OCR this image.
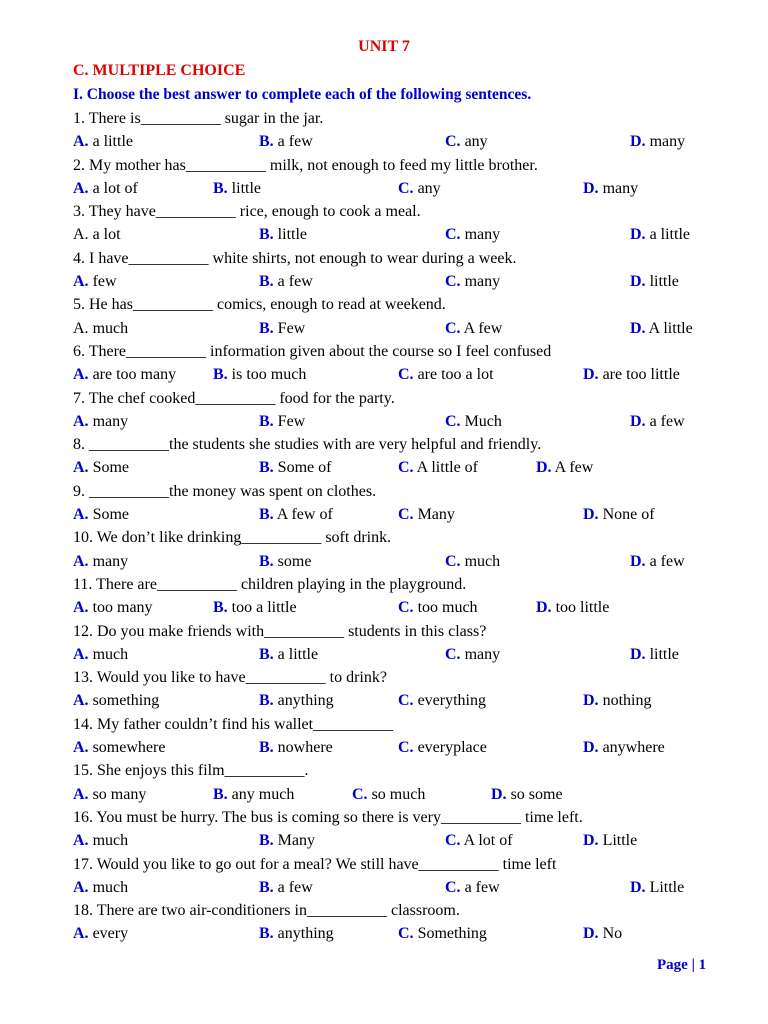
UNIT 7
C. MULTIPLE CHOICE
I. Choose the best answer to complete each of the following sentences.
1. There is__________ sugar in the jar.
A. a little	B. a few	C. any	D. many
2. My mother has__________ milk, not enough to feed my little brother.
A. a lot of	B. little	C. any	D. many
3. They have__________ rice, enough to cook a meal.
A. a lot	B. little	C. many	D. a little
4. I have__________ white shirts, not enough to wear during a week.
A. few	B. a few	C. many	D. little
5. He has__________ comics, enough to read at weekend.
A. much	B. Few	C. A few	D. A little
6. There__________ information given about the course so I feel confused
A. are too many B. is too much	C. are too a lot	D. are too little
7. The chef cooked__________ food for the party.
A. many	B. Few	C. Much	D. a few
8. __________the students she studies with are very helpful and friendly.
A. Some	B. Some of	C. A little of	D. A few
9. __________the money was spent on clothes.
A. Some	B. A few of	C. Many	D. None of
10. We don’t like drinking__________ soft drink.
A. many	B. some	C. much	D. a few
11. There are__________ children playing in the playground.
A. too many	B. too a little	C. too much	D. too little
12. Do you make friends with__________ students in this class?
A. much	B. a little	C. many	D. little
13. Would you like to have__________ to drink?
A. something	B. anything	C. everything	D. nothing
14. My father couldn’t find his wallet__________
A. somewhere	B. nowhere	C. everyplace	D. anywhere
15. She enjoys this film__________.
A. so many	B. any much	C. so much	D. so some
16. You must be hurry. The bus is coming so there is very__________ time left.
A. much	B. Many	C. A lot of	D. Little
17. Would you like to go out for a meal? We still have__________ time left
A. much	B. a few	C. a few	D. Little
18. There are two air-conditioners in__________ classroom.
A. every	B. anything	C. Something	D. No
Page | 1
